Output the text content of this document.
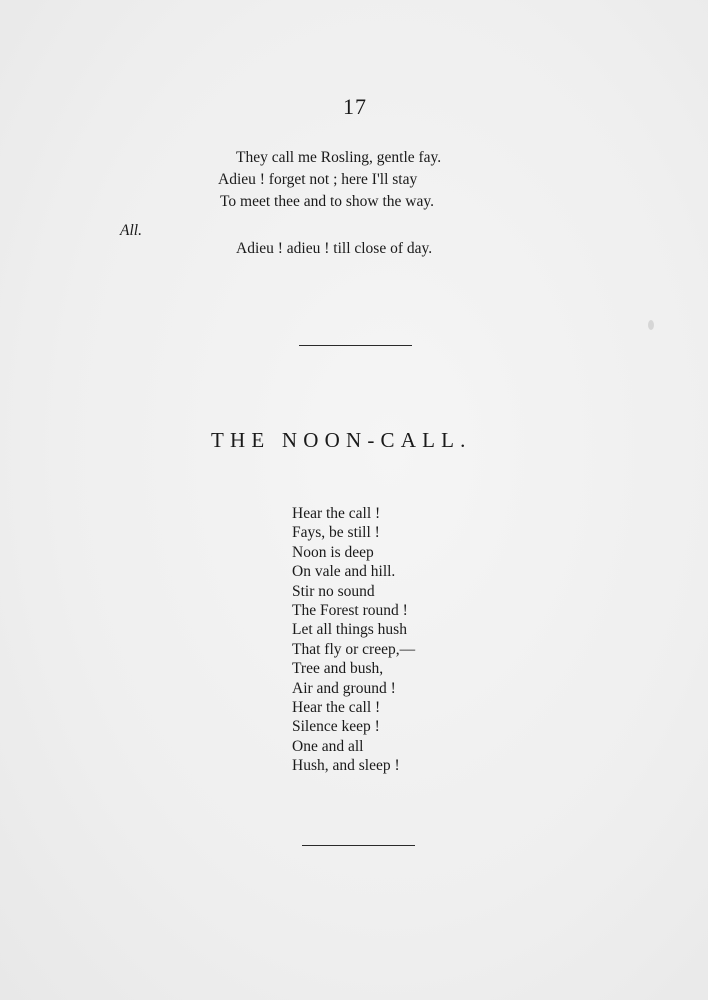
17
They call me Rosling, gentle fay.
Adieu ! forget not ; here I'll stay
To meet thee and to show the way.
All.
Adieu ! adieu ! till close of day.
THE NOON-CALL.
Hear the call !
Fays, be still !
Noon is deep
On vale and hill.
Stir no sound
The Forest round !
Let all things hush
That fly or creep,—
Tree and bush,
Air and ground !
Hear the call !
Silence keep !
One and all
Hush, and sleep !
